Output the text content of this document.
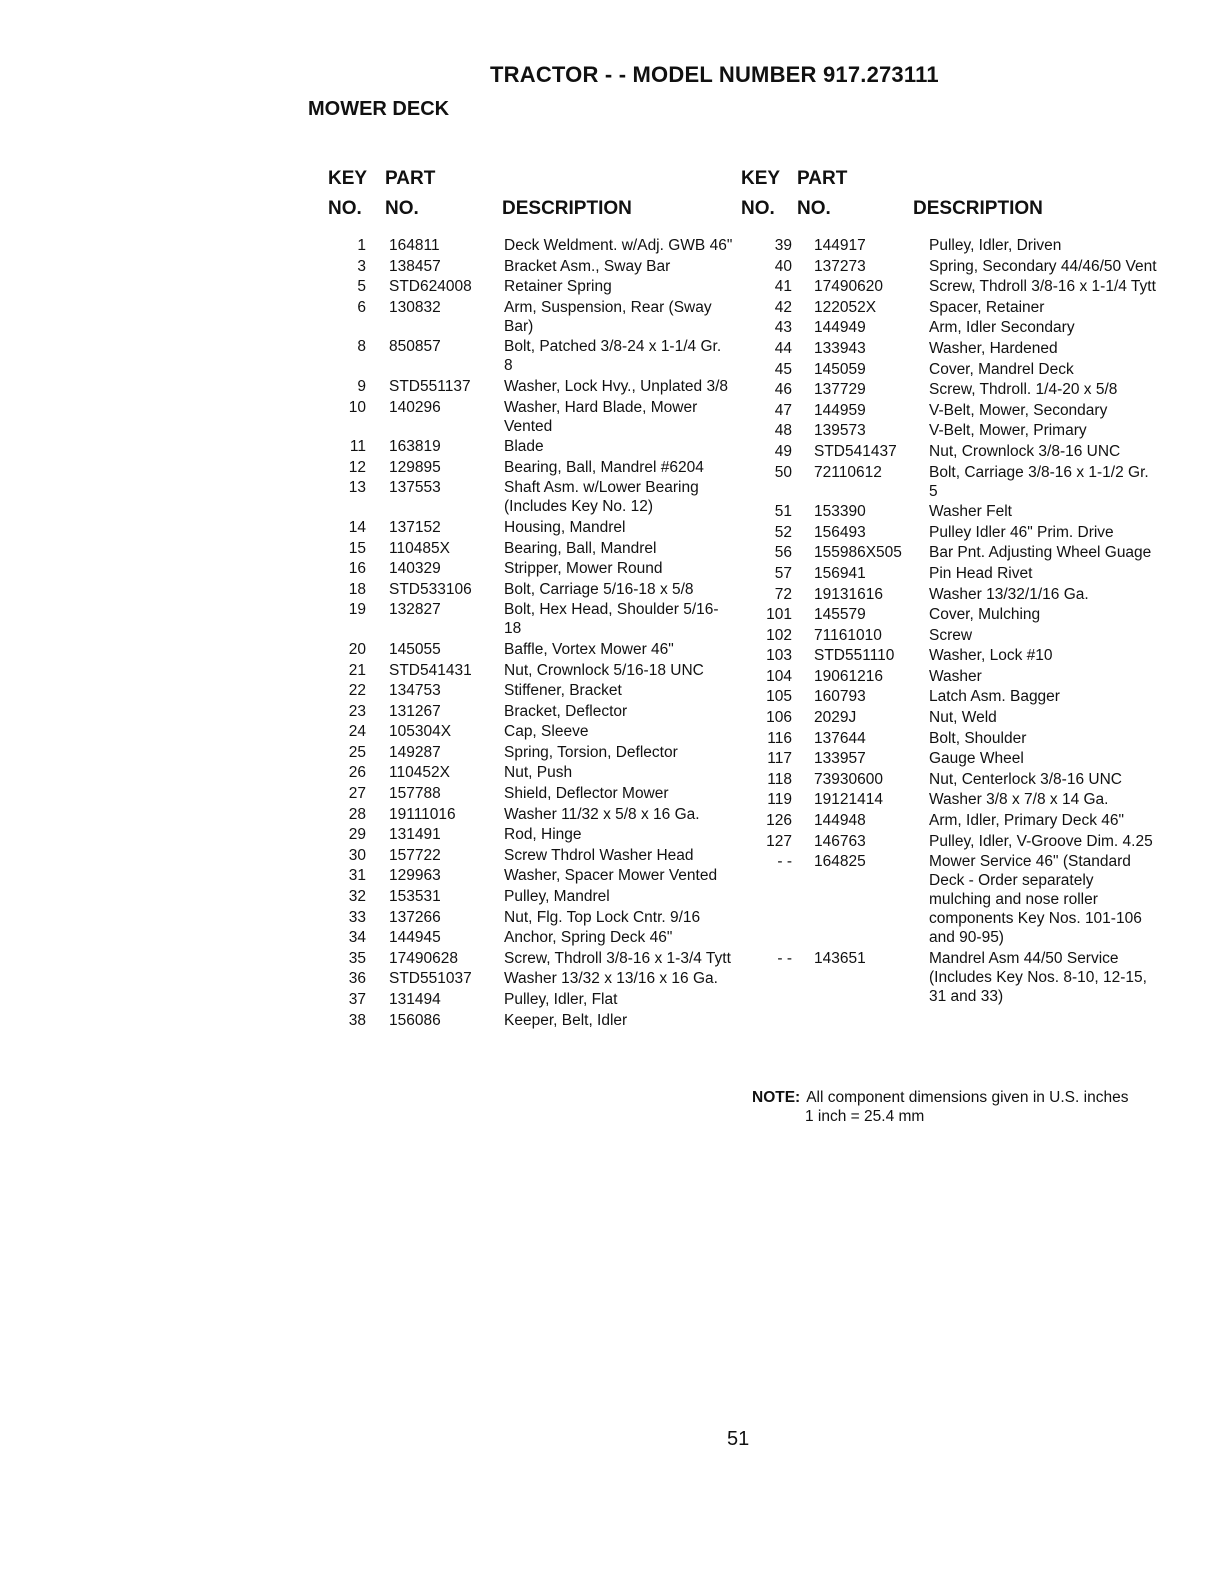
TRACTOR - - MODEL NUMBER 917.273111
MOWER DECK
KEY
NO.
PART
NO.	DESCRIPTION
1 164811	Deck Weldment. w/Adj. GWB 46"
3 138457	Bracket Asm., Sway Bar
5 STD624008 Retainer Spring
6 130832	Arm, Suspension, Rear (Sway Bar)
8 850857	Bolt, Patched 3/8-24 x 1-1/4 Gr. 8
9 STD551137 Washer, Lock Hvy., Unplated 3/8
10 140296	Washer, Hard Blade, Mower Vented
11 163819	Blade
12 129895	Bearing, Ball, Mandrel #6204
13 137553	Shaft Asm. w/Lower Bearing (Includes Key No. 12)
14 137152	Housing, Mandrel
15 110485X	Bearing, Ball, Mandrel
16 140329	Stripper, Mower Round
18 STD533106 Bolt, Carriage 5/16-18 x 5/8
19 132827	Bolt, Hex Head, Shoulder 5/16-18
20 145055	Baffle, Vortex Mower 46"
21 STD541431 Nut, Crownlock 5/16-18 UNC
22 134753	Stiffener, Bracket
23 131267	Bracket, Deflector
24 105304X	Cap, Sleeve
25 149287	Spring, Torsion, Deflector
26 110452X	Nut, Push
27 157788	Shield, Deflector Mower
28 19111016	Washer 11/32 x 5/8 x 16 Ga.
29 131491	Rod, Hinge
30 157722	Screw Thdrol Washer Head
31 129963	Washer, Spacer Mower Vented
32 153531	Pulley, Mandrel
33 137266	Nut, Flg. Top Lock Cntr. 9/16
34 144945	Anchor, Spring Deck 46"
35 17490628	Screw, Thdroll 3/8-16 x 1-3/4 Tytt
36 STD551037 Washer 13/32 x 13/16 x 16 Ga.
37 131494	Pulley, Idler, Flat
38 156086	Keeper, Belt, Idler
KEY
NO.
PART
NO.	DESCRIPTION
39 144917	Pulley, Idler, Driven
40 137273	Spring, Secondary 44/46/50 Vent
41 17490620	Screw, Thdroll 3/8-16 x 1-1/4 Tytt
42 122052X	Spacer, Retainer
43 144949	Arm, Idler Secondary
44 133943	Washer, Hardened
45 145059	Cover, Mandrel Deck
46 137729	Screw, Thdroll. 1/4-20 x 5/8
47 144959	V-Belt, Mower, Secondary
48 139573	V-Belt, Mower, Primary
49 STD541437 Nut, Crownlock 3/8-16 UNC
50 72110612	Bolt, Carriage 3/8-16 x 1-1/2 Gr. 5
51 153390	Washer Felt
52 156493	Pulley Idler 46" Prim. Drive
56 155986X505 Bar Pnt. Adjusting Wheel Guage
57 156941	Pin Head Rivet
72 19131616	Washer 13/32/1/16 Ga.
101 145579	Cover, Mulching
102 71161010	Screw
103 STD551110 Washer, Lock #10
104 19061216	Washer
105 160793	Latch Asm. Bagger
106 2029J	Nut, Weld
116 137644	Bolt, Shoulder
117 133957	Gauge Wheel
118 73930600	Nut, Centerlock 3/8-16 UNC
119 19121414	Washer 3/8 x 7/8 x 14 Ga.
126 144948	Arm, Idler, Primary Deck 46"
127 146763	Pulley, Idler, V-Groove Dim. 4.25
- - 164825	Mower Service 46" (Standard Deck - Order separately mulching and nose roller components Key Nos. 101-106 and 90-95)
- - 143651	Mandrel Asm 44/50 Service (Includes Key Nos. 8-10, 12-15, 31 and 33)
NOTE: All component dimensions given in U.S. inches
1 inch = 25.4 mm
51
